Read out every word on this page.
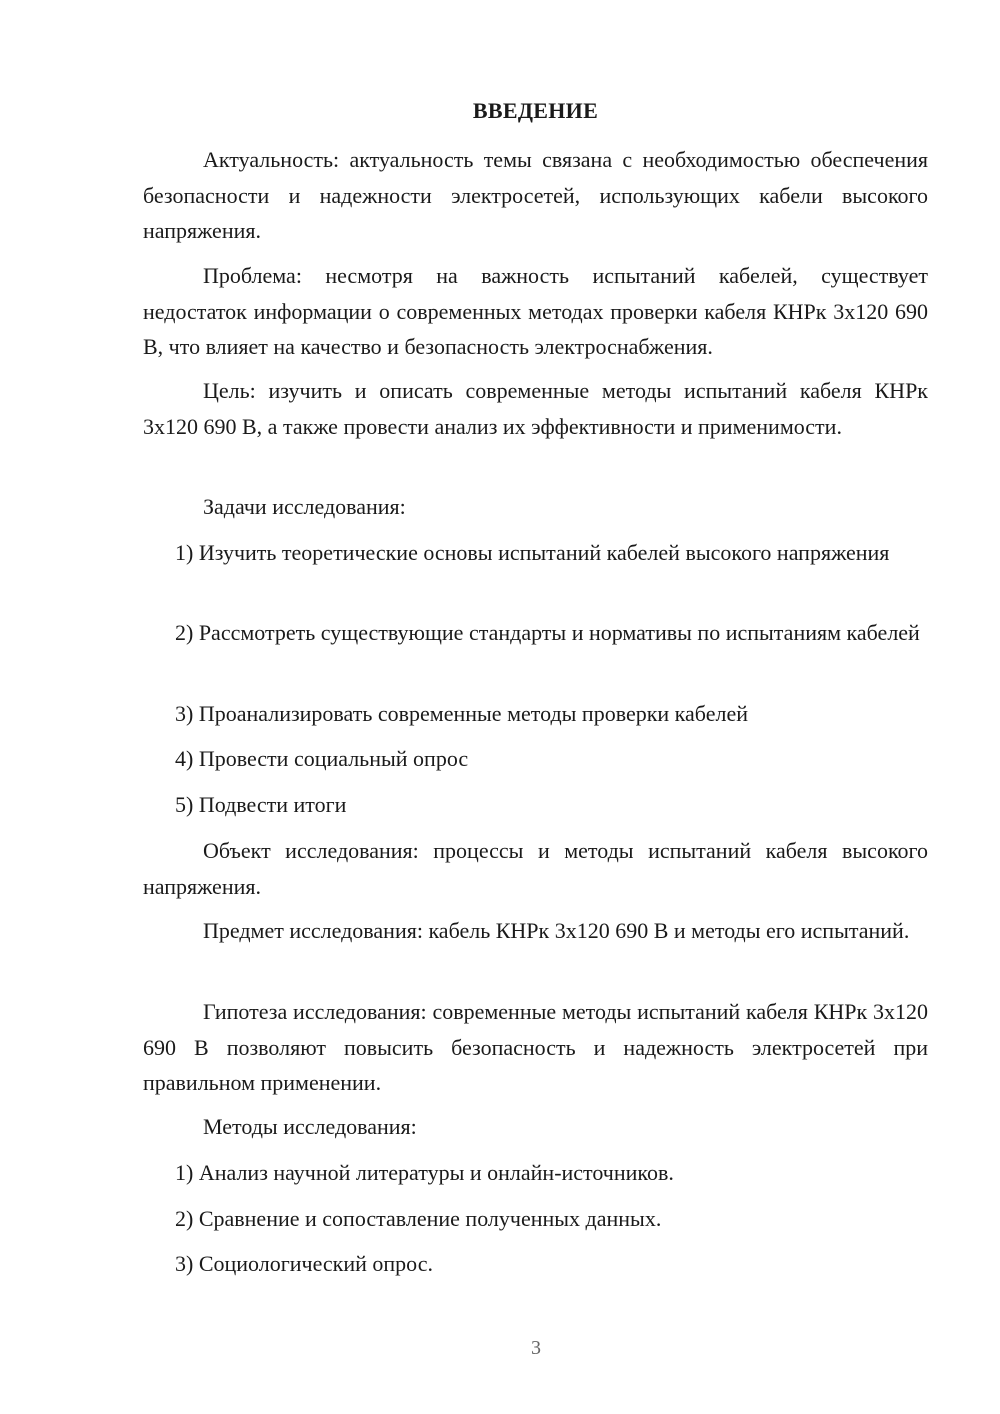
ВВЕДЕНИЕ

Актуальность: актуальность темы связана с необходимостью обеспечения безопасности и надежности электросетей, использующих кабели высокого напряжения.

Проблема: несмотря на важность испытаний кабелей, существует недостаток информации о современных методах проверки кабеля КНРк 3х120 690 В, что влияет на качество и безопасность электроснабжения.

Цель: изучить и описать современные методы испытаний кабеля КНРк 3х120 690 В, а также провести анализ их эффективности и применимости.

Задачи исследования:

1) Изучить теоретические основы испытаний кабелей высокого напряжения

2) Рассмотреть существующие стандарты и нормативы по испытаниям кабелей

3) Проанализировать современные методы проверки кабелей

4) Провести социальный опрос

5) Подвести итоги

Объект исследования: процессы и методы испытаний кабеля высокого напряжения.

Предмет исследования: кабель КНРк 3х120 690 В и методы его испытаний.

Гипотеза исследования: современные методы испытаний кабеля КНРк 3х120 690 В позволяют повысить безопасность и надежность электросетей при правильном применении.

Методы исследования:

1) Анализ научной литературы и онлайн-источников.

2) Сравнение и сопоставление полученных данных.

3) Социологический опрос.

3
